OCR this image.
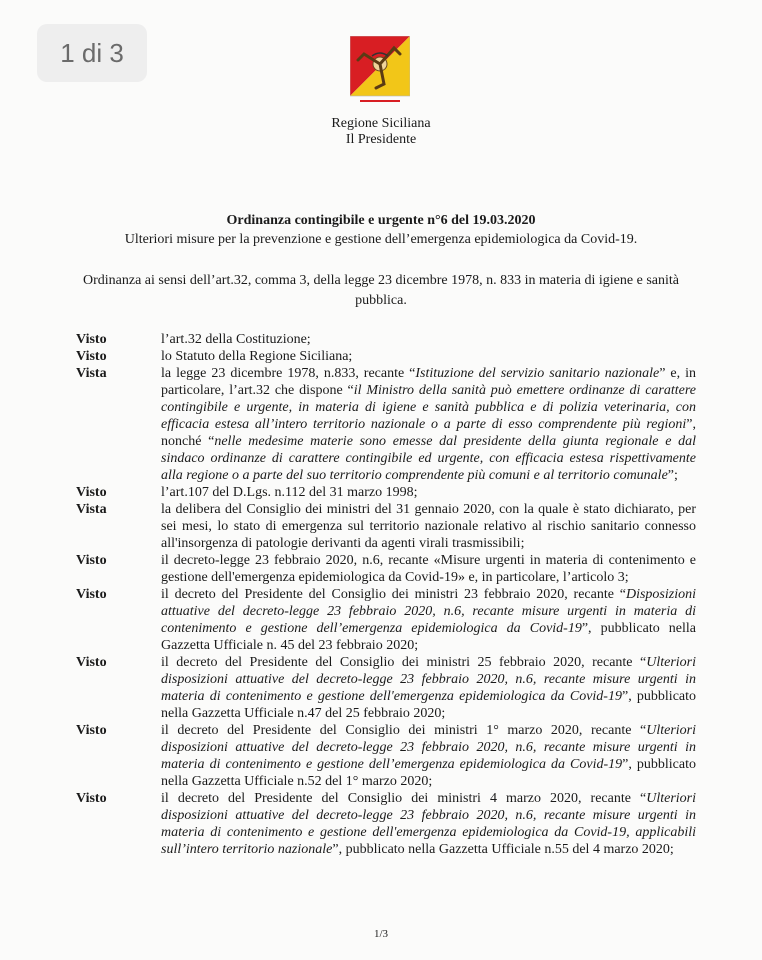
1 di 3
Regione Siciliana
Il Presidente
Ordinanza contingibile e urgente n°6 del 19.03.2020
Ulteriori misure per la prevenzione e gestione dell’emergenza epidemiologica da Covid-19.
Ordinanza ai sensi dell’art.32, comma 3, della legge 23 dicembre 1978, n. 833 in materia di igiene e sanità pubblica.
Visto	l’art.32 della Costituzione;
Visto	lo Statuto della Regione Siciliana;
Vista	la legge 23 dicembre 1978, n.833, recante “Istituzione del servizio sanitario nazionale” e, in particolare, l’art.32 che dispone “il Ministro della sanità può emettere ordinanze di carattere contingibile e urgente, in materia di igiene e sanità pubblica e di polizia veterinaria, con efficacia estesa all’intero territorio nazionale o a parte di esso comprendente più regioni”, nonché “nelle medesime materie sono emesse dal presidente della giunta regionale e dal sindaco ordinanze di carattere contingibile ed urgente, con efficacia estesa rispettivamente alla regione o a parte del suo territorio comprendente più comuni e al territorio comunale”;
Visto	l’art.107 del D.Lgs. n.112 del 31 marzo 1998;
Vista	la delibera del Consiglio dei ministri del 31 gennaio 2020, con la quale è stato dichiarato, per sei mesi, lo stato di emergenza sul territorio nazionale relativo al rischio sanitario connesso all'insorgenza di patologie derivanti da agenti virali trasmissibili;
Visto	il decreto-legge 23 febbraio 2020, n.6, recante «Misure urgenti in materia di contenimento e gestione dell'emergenza epidemiologica da Covid-19» e, in particolare, l’articolo 3;
Visto	il decreto del Presidente del Consiglio dei ministri 23 febbraio 2020, recante “Disposizioni attuative del decreto-legge 23 febbraio 2020, n.6, recante misure urgenti in materia di contenimento e gestione dell’emergenza epidemiologica da Covid-19”, pubblicato nella Gazzetta Ufficiale n. 45 del 23 febbraio 2020;
Visto	il decreto del Presidente del Consiglio dei ministri 25 febbraio 2020, recante “Ulteriori disposizioni attuative del decreto-legge 23 febbraio 2020, n.6, recante misure urgenti in materia di contenimento e gestione dell'emergenza epidemiologica da Covid-19”, pubblicato nella Gazzetta Ufficiale n.47 del 25 febbraio 2020;
Visto	il decreto del Presidente del Consiglio dei ministri 1° marzo 2020, recante “Ulteriori disposizioni attuative del decreto-legge 23 febbraio 2020, n.6, recante misure urgenti in materia di contenimento e gestione dell’emergenza epidemiologica da Covid-19”, pubblicato nella Gazzetta Ufficiale n.52 del 1° marzo 2020;
Visto	il decreto del Presidente del Consiglio dei ministri 4 marzo 2020, recante “Ulteriori disposizioni attuative del decreto-legge 23 febbraio 2020, n.6, recante misure urgenti in materia di contenimento e gestione dell'emergenza epidemiologica da Covid-19, applicabili sull’intero territorio nazionale”, pubblicato nella Gazzetta Ufficiale n.55 del 4 marzo 2020;
1/3
